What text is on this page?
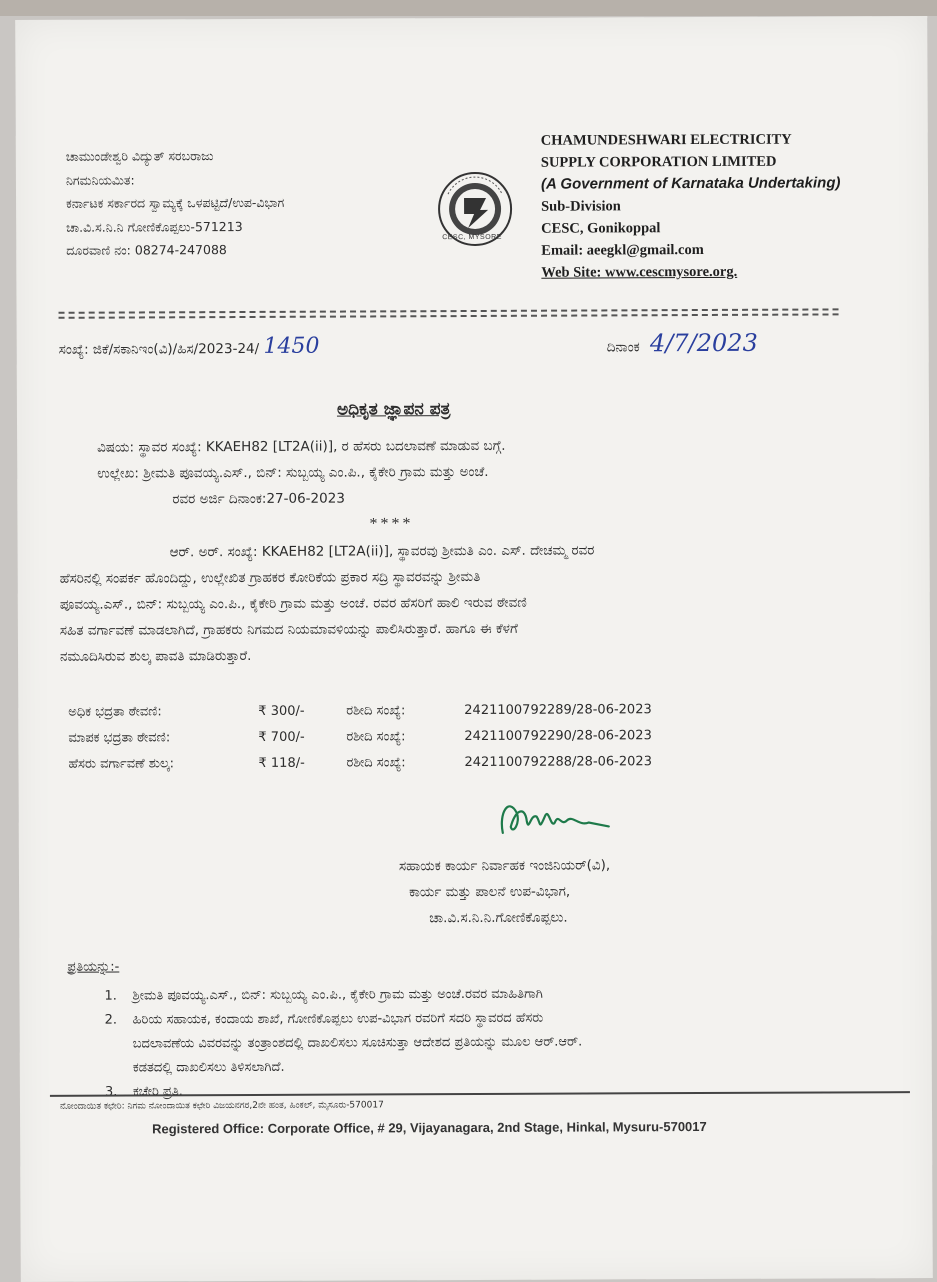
ಚಾಮುಂಡೇಶ್ವರಿ ವಿದ್ಯುತ್ ಸರಬರಾಜು
ನಿಗಮನಿಯಮಿತ:
ಕರ್ನಾಟಕ ಸರ್ಕಾರದ ಸ್ವಾಮ್ಯಕ್ಕೆ ಒಳಪಟ್ಟಿದೆ/ಉಪ-ವಿಭಾಗ
ಚಾ.ವಿ.ಸ.ನಿ.ನಿ ಗೋಣಿಕೊಪ್ಪಲು-571213
ದೂರವಾಣಿ ನಂ: 08274-247088
CESC, MYSORE
CHAMUNDESHWARI ELECTRICITY
SUPPLY CORPORATION LIMITED
(A Government of Karnataka Undertaking)
Sub-Division
CESC, Gonikoppal
Email: aeegkl@gmail.com
Web Site: www.cescmysore.org.
ಸಂಖ್ಯೆ: ಜಿಕೆ/ಸಕಾನಿಇಂ(ವಿ)/ಹಿಸ/2023-24/ 1450	ದಿನಾಂಕ 4/7/2023
ಅಧಿಕೃತ ಜ್ಞಾಪನ ಪತ್ರ
ವಿಷಯ: ಸ್ಥಾವರ ಸಂಖ್ಯೆ: KKAEH82 [LT2A(ii)], ರ ಹೆಸರು ಬದಲಾವಣೆ ಮಾಡುವ ಬಗ್ಗೆ.
ಉಲ್ಲೇಖ: ಶ್ರೀಮತಿ ಪೂವಯ್ಯ.ಎಸ್., ಬಿನ್: ಸುಬ್ಬಯ್ಯ ಎಂ.ಪಿ., ಕೈಕೇರಿ ಗ್ರಾಮ ಮತ್ತು ಅಂಚೆ.
ರವರ ಅರ್ಜಿ ದಿನಾಂಕ:27-06-2023
****
ಆರ್. ಅರ್. ಸಂಖ್ಯೆ: KKAEH82 [LT2A(ii)], ಸ್ಥಾವರವು ಶ್ರೀಮತಿ ಎಂ. ಎಸ್. ದೇಚಮ್ಮ ರವರ
ಹೆಸರಿನಲ್ಲಿ ಸಂಪರ್ಕ ಹೊಂದಿದ್ದು, ಉಲ್ಲೇಖಿತ ಗ್ರಾಹಕರ ಕೋರಿಕೆಯ ಪ್ರಕಾರ ಸದ್ರಿ ಸ್ಥಾವರವನ್ನು ಶ್ರೀಮತಿ
ಪೂವಯ್ಯ.ಎಸ್., ಬಿನ್: ಸುಬ್ಬಯ್ಯ ಎಂ.ಪಿ., ಕೈಕೇರಿ ಗ್ರಾಮ ಮತ್ತು ಅಂಚೆ. ರವರ ಹೆಸರಿಗೆ ಹಾಲಿ ಇರುವ ಠೇವಣಿ
ಸಹಿತ ವರ್ಗಾವಣೆ ಮಾಡಲಾಗಿದೆ, ಗ್ರಾಹಕರು ನಿಗಮದ ನಿಯಮಾವಳಿಯನ್ನು ಪಾಲಿಸಿರುತ್ತಾರೆ. ಹಾಗೂ ಈ ಕೆಳಗೆ
ನಮೂದಿಸಿರುವ ಶುಲ್ಕ ಪಾವತಿ ಮಾಡಿರುತ್ತಾರೆ.
ಅಧಿಕ ಭದ್ರತಾ ಠೇವಣಿ:	₹ 300/-	ರಶೀದಿ ಸಂಖ್ಯೆ:	2421100792289/28-06-2023
ಮಾಪಕ ಭದ್ರತಾ ಠೇವಣಿ:	₹ 700/-	ರಶೀದಿ ಸಂಖ್ಯೆ:	2421100792290/28-06-2023
ಹೆಸರು ವರ್ಗಾವಣೆ ಶುಲ್ಕ:	₹ 118/-	ರಶೀದಿ ಸಂಖ್ಯೆ:	2421100792288/28-06-2023
ಸಹಾಯಕ ಕಾರ್ಯ ನಿರ್ವಾಹಕ ಇಂಜಿನಿಯರ್(ವಿ),
ಕಾರ್ಯ ಮತ್ತು ಪಾಲನೆ ಉಪ-ವಿಭಾಗ,
ಚಾ.ವಿ.ಸ.ನಿ.ನಿ.ಗೋಣಿಕೊಪ್ಪಲು.
ಪ್ರತಿಯನ್ನು:-
1.	ಶ್ರೀಮತಿ ಪೂವಯ್ಯ.ಎಸ್., ಬಿನ್: ಸುಬ್ಬಯ್ಯ ಎಂ.ಪಿ., ಕೈಕೇರಿ ಗ್ರಾಮ ಮತ್ತು ಅಂಚೆ.ರವರ ಮಾಹಿತಿಗಾಗಿ
2.	ಹಿರಿಯ ಸಹಾಯಕ, ಕಂದಾಯ ಶಾಖೆ, ಗೋಣಿಕೊಪ್ಪಲು ಉಪ-ವಿಭಾಗ ರವರಿಗೆ ಸದರಿ ಸ್ಥಾವರದ ಹೆಸರು
ಬದಲಾವಣೆಯ ವಿವರವನ್ನು ತಂತ್ರಾಂಶದಲ್ಲಿ ದಾಖಲಿಸಲು ಸೂಚಿಸುತ್ತಾ ಆದೇಶದ ಪ್ರತಿಯನ್ನು ಮೂಲ ಆರ್.ಆರ್.
ಕಡತದಲ್ಲಿ ದಾಖಲಿಸಲು ತಿಳಿಸಲಾಗಿದೆ.
3.	ಕಚೇರಿ ಪ್ರತಿ.
ನೋಂದಾಯಿತ ಕಛೇರಿ: ನಿಗಮ ನೋಂದಾಯಿತ ಕಛೇರಿ ವಿಜಯನಗರ,2ನೇ ಹಂತ, ಹಿಂಕಲ್, ಮೈಸೂರು-570017
Registered Office: Corporate Office, # 29, Vijayanagara, 2nd Stage, Hinkal, Mysuru-570017
